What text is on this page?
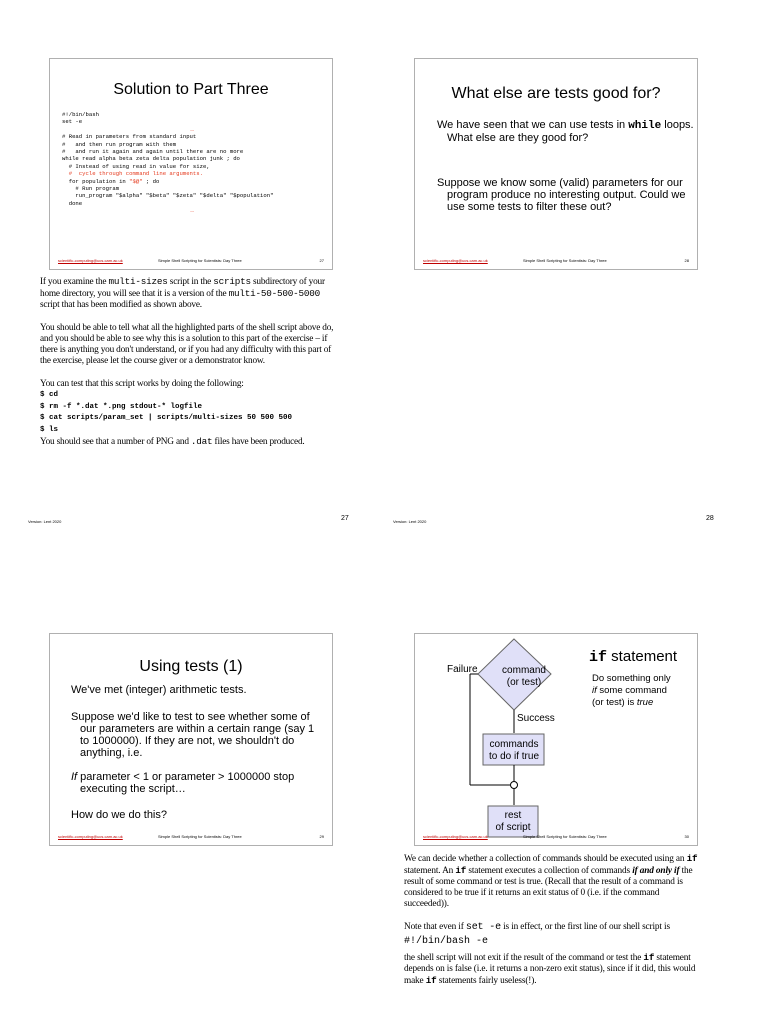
Solution to Part Three
#!/bin/bash
set -e
…
# Read in parameters from standard input
#   and then run program with them
#   and run it again and again until there are no more
while read alpha beta zeta delta population junk ; do
# Instead of using read in value for size,
#  cycle through command line arguments.
for population in "$@" ; do
# Run program
run_program "$alpha" "$beta" "$zeta" "$delta" "$population"
done
…
scientific-computing@ucs.cam.ac.uk	Simple Shell Scripting for Scientists: Day Three	27
What else are tests good for?
We have seen that we can use tests in while loops. What else are they good for?
Suppose we know some (valid) parameters for our program produce no interesting output. Could we use some tests to filter these out?
scientific-computing@ucs.cam.ac.uk	Simple Shell Scripting for Scientists: Day Three	28

If you examine the multi-sizes script in the scripts subdirectory of your home directory, you will see that it is a version of the multi-50-500-5000 script that has been modified as shown above.

You should be able to tell what all the highlighted parts of the shell script above do, and you should be able to see why this is a solution to this part of the exercise – if there is anything you don't understand, or if you had any difficulty with this part of the exercise, please let the course giver or a demonstrator know.

You can test that this script works by doing the following:

$ cd
$ rm -f *.dat *.png stdout-* logfile
$ cat scripts/param_set | scripts/multi-sizes 50 500 500
$ ls

You should see that a number of PNG and .dat files have been produced.

Version: Lent 2020	27	Version: Lent 2020	28
Using tests (1)
We've met (integer) arithmetic tests.
Suppose we'd like to test to see whether some of our parameters are within a certain range (say 1 to 1000000). If they are not, we shouldn't do anything, i.e.
If parameter < 1 or parameter > 1000000 stop executing the script…
How do we do this?
scientific-computing@ucs.cam.ac.uk	Simple Shell Scripting for Scientists: Day Three	29
if statement
Do something only
if some command
(or test) is true
command
(or test)
Failure
Success
commands
to do if true
rest
of script
scientific-computing@ucs.cam.ac.uk	Simple Shell Scripting for Scientists: Day Three	30

We can decide whether a collection of commands should be executed using an if statement. An if statement executes a collection of commands if and only if the result of some command or test is true. (Recall that the result of a command is considered to be true if it returns an exit status of 0 (i.e. if the command succeeded)).

Note that even if set -e is in effect, or the first line of our shell script is

#!/bin/bash -e

the shell script will not exit if the result of the command or test the if statement depends on is false (i.e. it returns a non-zero exit status), since if it did, this would make if statements fairly useless(!).
